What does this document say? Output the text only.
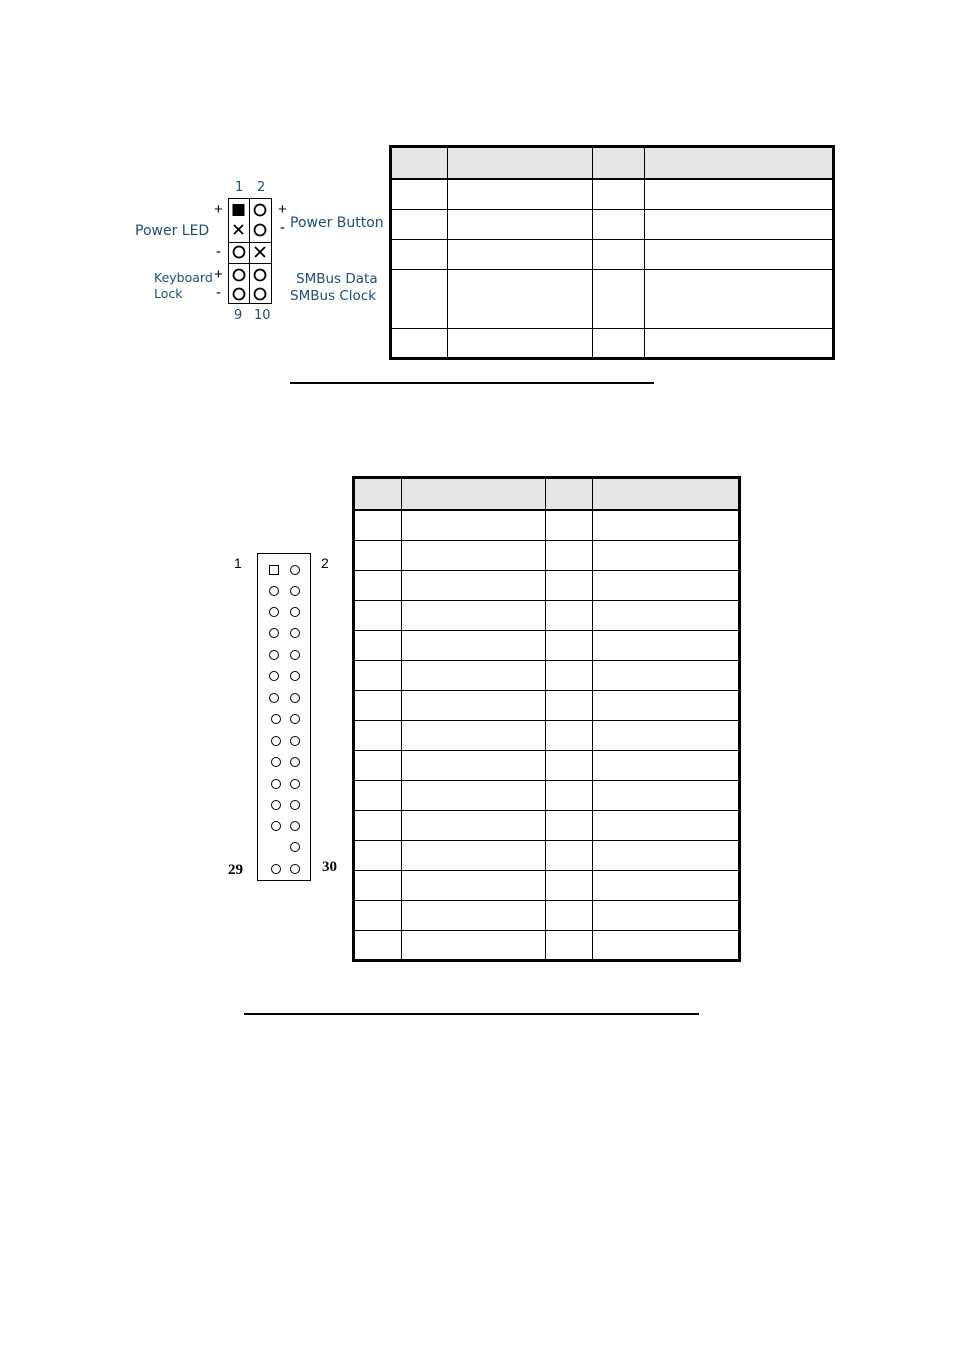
1 2
+
-
+
-
+
-
Power LED	Power Button
Keyboard
Lock
SMBus Data
SMBus Clock
9 10

1	2
29	30
